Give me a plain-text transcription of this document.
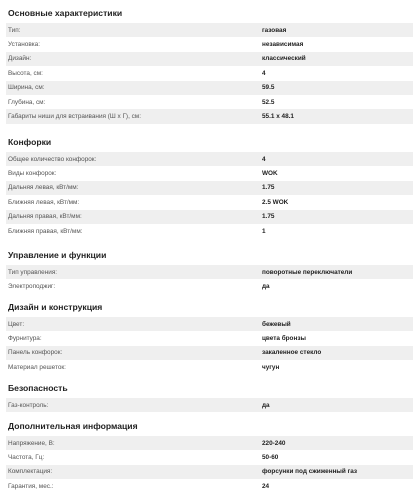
Основные характеристики
Тип:	газовая
Установка:	независимая
Дизайн:	классический
Высота, см:	4
Ширина, см:	59.5
Глубина, см:	52.5
Габариты ниши для встраивания (Ш х Г), см:	55.1 x 48.1
Конфорки
Общее количество конфорок:	4
Виды конфорок:	WOK
Дальняя левая, кВт/мм:	1.75
Ближняя левая, кВт/мм:	2.5 WOK
Дальняя правая, кВт/мм:	1.75
Ближняя правая, кВт/мм:	1
Управление и функции
Тип управления:	поворотные переключатели
Электроподжиг:	да
Дизайн и конструкция
Цвет:	бежевый
Фурнитура:	цвета бронзы
Панель конфорок:	закаленное стекло
Материал решеток:	чугун
Безопасность
Газ-контроль:	да
Дополнительная информация
Напряжение, В:	220-240
Частота, Гц:	50-60
Комплектация:	форсунки под сжиженный газ
Гарантия, мес.:	24
